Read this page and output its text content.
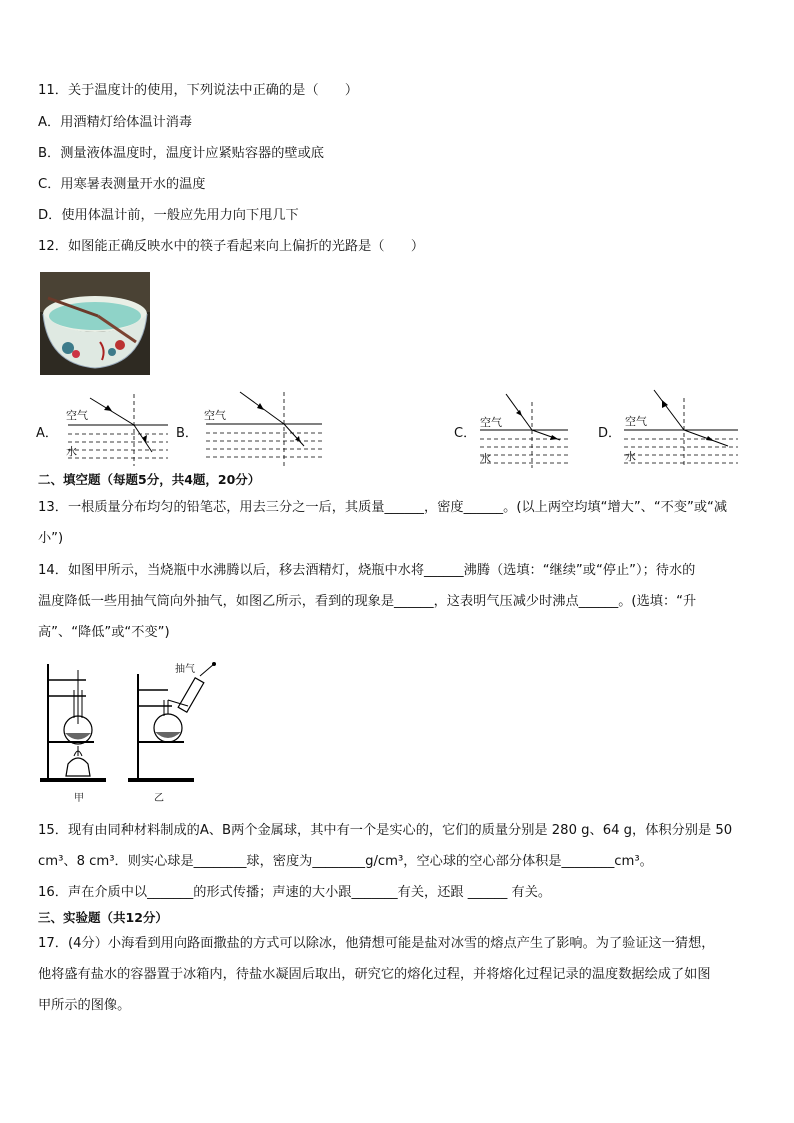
11．关于温度计的使用，下列说法中正确的是（　　）
A．用酒精灯给体温计消毒
B．测量液体温度时，温度计应紧贴容器的壁或底
C．用寒暑表测量开水的温度
D．使用体温计前，一般应先用力向下甩几下
12．如图能正确反映水中的筷子看起来向上偏折的光路是（　　）
A．
空气
水
B．
空气
C．
空气
水
D．
空气
水
二、填空题（每题5分，共4题，20分）
13．一根质量分布均匀的铅笔芯，用去三分之一后，其质量______，密度______。(以上两空均填“增大”、“不变”或“减
小”)
14．如图甲所示，当烧瓶中水沸腾以后，移去酒精灯，烧瓶中水将______沸腾（选填：“继续”或“停止”）；待水的
温度降低一些用抽气筒向外抽气，如图乙所示，看到的现象是______，这表明气压减少时沸点______。(选填：“升
高”、“降低”或“不变”)
抽气
甲	乙
15．现有由同种材料制成的A、B两个金属球，其中有一个是实心的，它们的质量分别是 280 g、64 g，体积分别是 50
cm³、8 cm³．则实心球是________球，密度为________g/cm³，空心球的空心部分体积是________cm³。
16．声在介质中以_______的形式传播；声速的大小跟_______有关，还跟 ______ 有关。
三、实验题（共12分）
17．(4分）小海看到用向路面撒盐的方式可以除冰，他猜想可能是盐对冰雪的熔点产生了影响。为了验证这一猜想，
他将盛有盐水的容器置于冰箱内，待盐水凝固后取出，研究它的熔化过程，并将熔化过程记录的温度数据绘成了如图
甲所示的图像。
